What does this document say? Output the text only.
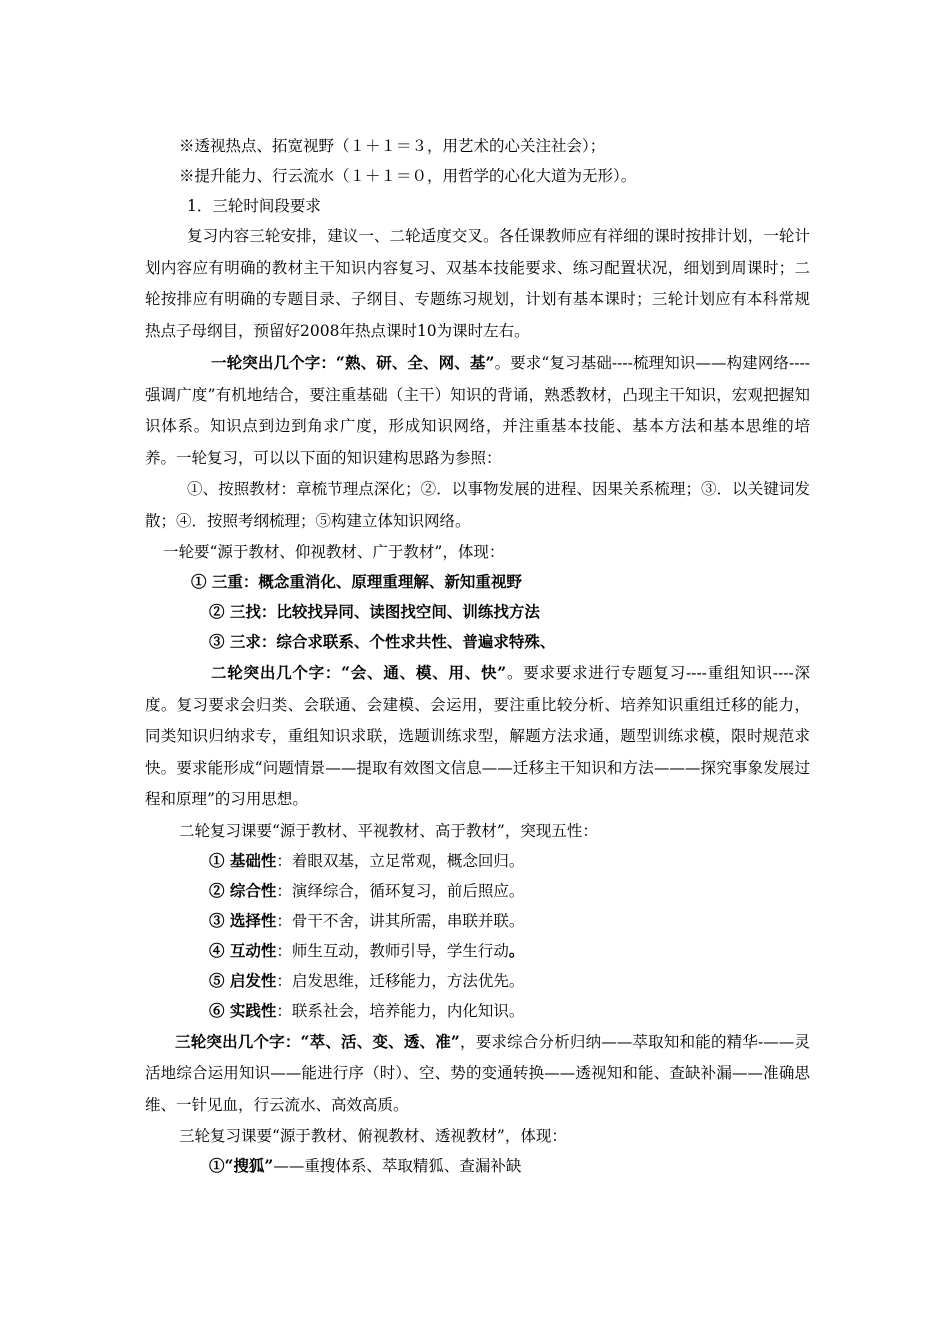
※透视热点、拓宽视野（１＋１＝３，用艺术的心关注社会）；
※提升能力、行云流水（１＋１＝０，用哲学的心化大道为无形）。
1．三轮时间段要求
复习内容三轮安排，建议一、二轮适度交叉。各任课教师应有祥细的课时按排计划，一轮计划内容应有明确的教材主干知识内容复习、双基本技能要求、练习配置状况，细划到周课时；二轮按排应有明确的专题目录、子纲目、专题练习规划，计划有基本课时；三轮计划应有本科常规热点子母纲目，预留好2008年热点课时10为课时左右。
一轮突出几个字：“熟、研、全、网、基”。要求“复习基础----梳理知识——构建网络----强调广度”有机地结合，要注重基础（主干）知识的背诵，熟悉教材，凸现主干知识，宏观把握知识体系。知识点到边到角求广度，形成知识网络，并注重基本技能、基本方法和基本思维的培养。一轮复习，可以以下面的知识建构思路为参照：
①、按照教材：章梳节理点深化；②．以事物发展的进程、因果关系梳理；③．以关键词发散；④．按照考纲梳理；⑤构建立体知识网络。
一轮要“源于教材、仰视教材、广于教材”，体现：
① 三重：概念重消化、原理重理解、新知重视野
② 三找：比较找异同、读图找空间、训练找方法
③ 三求：综合求联系、个性求共性、普遍求特殊、
二轮突出几个字：“会、通、模、用、快”。要求要求进行专题复习----重组知识----深度。复习要求会归类、会联通、会建模、会运用，要注重比较分析、培养知识重组迁移的能力，同类知识归纳求专，重组知识求联，选题训练求型，解题方法求通，题型训练求模，限时规范求快。要求能形成“问题情景——提取有效图文信息——迁移主干知识和方法———探究事象发展过程和原理”的习用思想。
二轮复习课要“源于教材、平视教材、高于教材”，突现五性：
① 基础性：着眼双基，立足常观，概念回归。
② 综合性：演绎综合，循环复习，前后照应。
③ 选择性：骨干不舍，讲其所需，串联并联。
④ 互动性：师生互动，教师引导，学生行动。
⑤ 启发性：启发思维，迁移能力，方法优先。
⑥ 实践性：联系社会，培养能力，内化知识。
三轮突出几个字：“萃、活、变、透、准”，要求综合分析归纳——萃取知和能的精华-——灵活地综合运用知识——能进行序（时）、空、势的变通转换——透视知和能、查缺补漏——准确思维、一针见血，行云流水、高效高质。
三轮复习课要“源于教材、俯视教材、透视教材”，体现：
①“搜狐”——重搜体系、萃取精狐、查漏补缺
